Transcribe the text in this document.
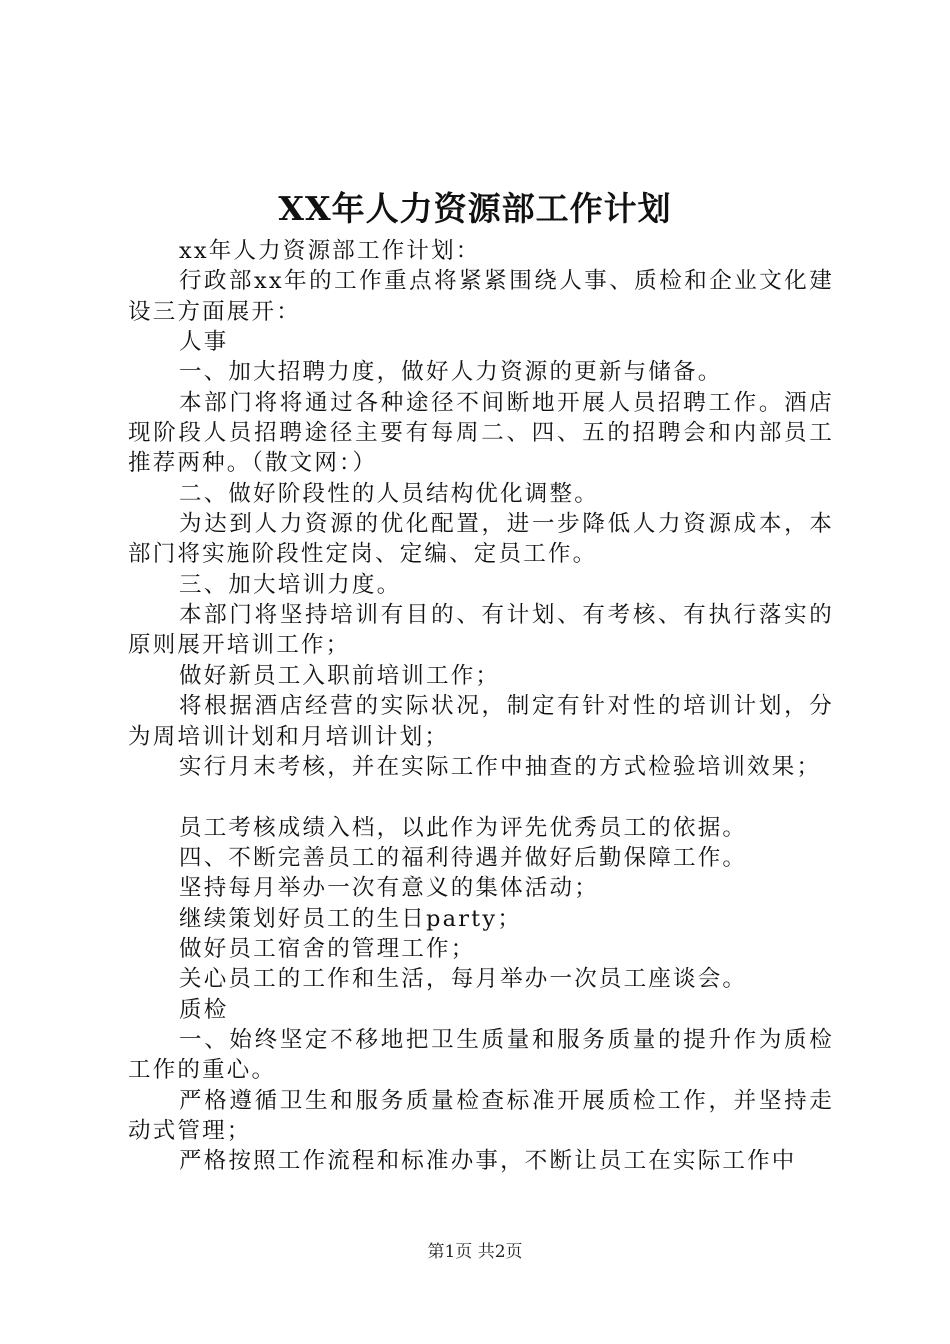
XX年人力资源部工作计划

xx年人力资源部工作计划：

行政部xx年的工作重点将紧紧围绕人事、质检和企业文化建设三方面展开：

人事

一、加大招聘力度，做好人力资源的更新与储备。

本部门将将通过各种途径不间断地开展人员招聘工作。酒店现阶段人员招聘途径主要有每周二、四、五的招聘会和内部员工推荐两种。（散文网：）

二、做好阶段性的人员结构优化调整。

为达到人力资源的优化配置，进一步降低人力资源成本，本部门将实施阶段性定岗、定编、定员工作。

三、加大培训力度。

本部门将坚持培训有目的、有计划、有考核、有执行落实的原则展开培训工作；

做好新员工入职前培训工作；

将根据酒店经营的实际状况，制定有针对性的培训计划，分为周培训计划和月培训计划；

实行月末考核，并在实际工作中抽查的方式检验培训效果；

员工考核成绩入档，以此作为评先优秀员工的依据。

四、不断完善员工的福利待遇并做好后勤保障工作。

坚持每月举办一次有意义的集体活动；

继续策划好员工的生日party；

做好员工宿舍的管理工作；

关心员工的工作和生活，每月举办一次员工座谈会。

质检

一、始终坚定不移地把卫生质量和服务质量的提升作为质检工作的重心。

严格遵循卫生和服务质量检查标准开展质检工作，并坚持走动式管理；

严格按照工作流程和标准办事，不断让员工在实际工作中

第1页 共2页
